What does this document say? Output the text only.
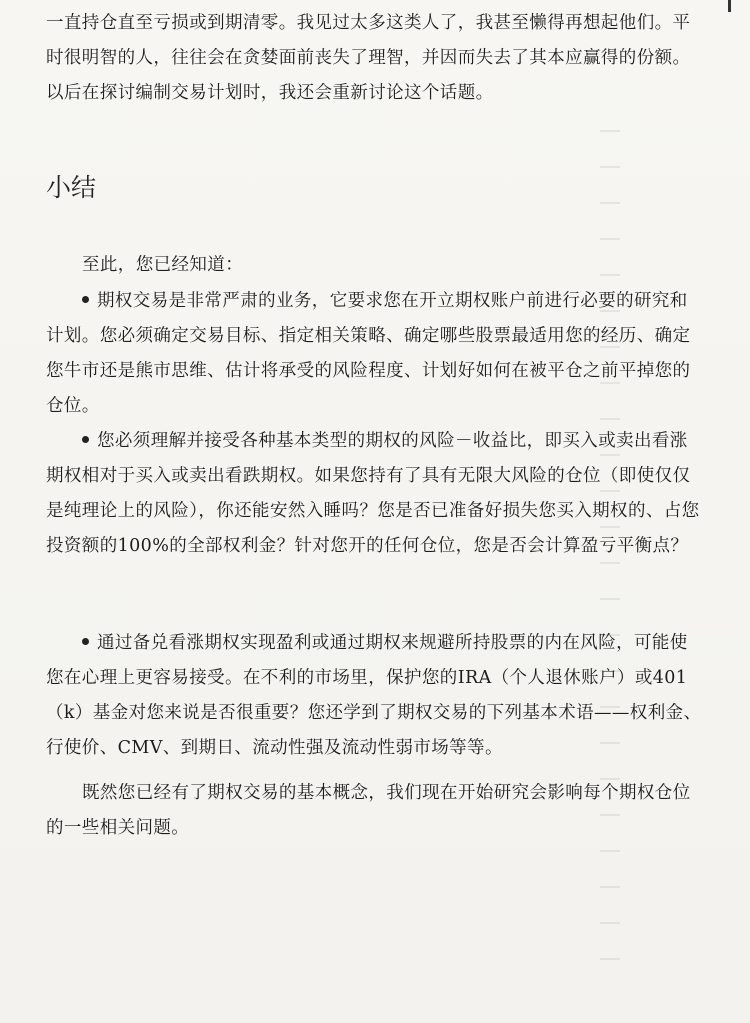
一直持仓直至亏损或到期清零。我见过太多这类人了，我甚至懒得再想起他们。平时很明智的人，往往会在贪婪面前丧失了理智，并因而失去了其本应赢得的份额。以后在探讨编制交易计划时，我还会重新讨论这个话题。

小结

至此，您已经知道：

期权交易是非常严肃的业务，它要求您在开立期权账户前进行必要的研究和计划。您必须确定交易目标、指定相关策略、确定哪些股票最适用您的经历、确定您牛市还是熊市思维、估计将承受的风险程度、计划好如何在被平仓之前平掉您的仓位。

您必须理解并接受各种基本类型的期权的风险－收益比，即买入或卖出看涨期权相对于买入或卖出看跌期权。如果您持有了具有无限大风险的仓位（即使仅仅是纯理论上的风险），你还能安然入睡吗？您是否已准备好损失您买入期权的、占您投资额的100%的全部权利金？针对您开的任何仓位，您是否会计算盈亏平衡点？

通过备兑看涨期权实现盈利或通过期权来规避所持股票的内在风险，可能使您在心理上更容易接受。在不利的市场里，保护您的IRA（个人退休账户）或401（k）基金对您来说是否很重要？您还学到了期权交易的下列基本术语——权利金、行使价、CMV、到期日、流动性强及流动性弱市场等等。

既然您已经有了期权交易的基本概念，我们现在开始研究会影响每个期权仓位的一些相关问题。
